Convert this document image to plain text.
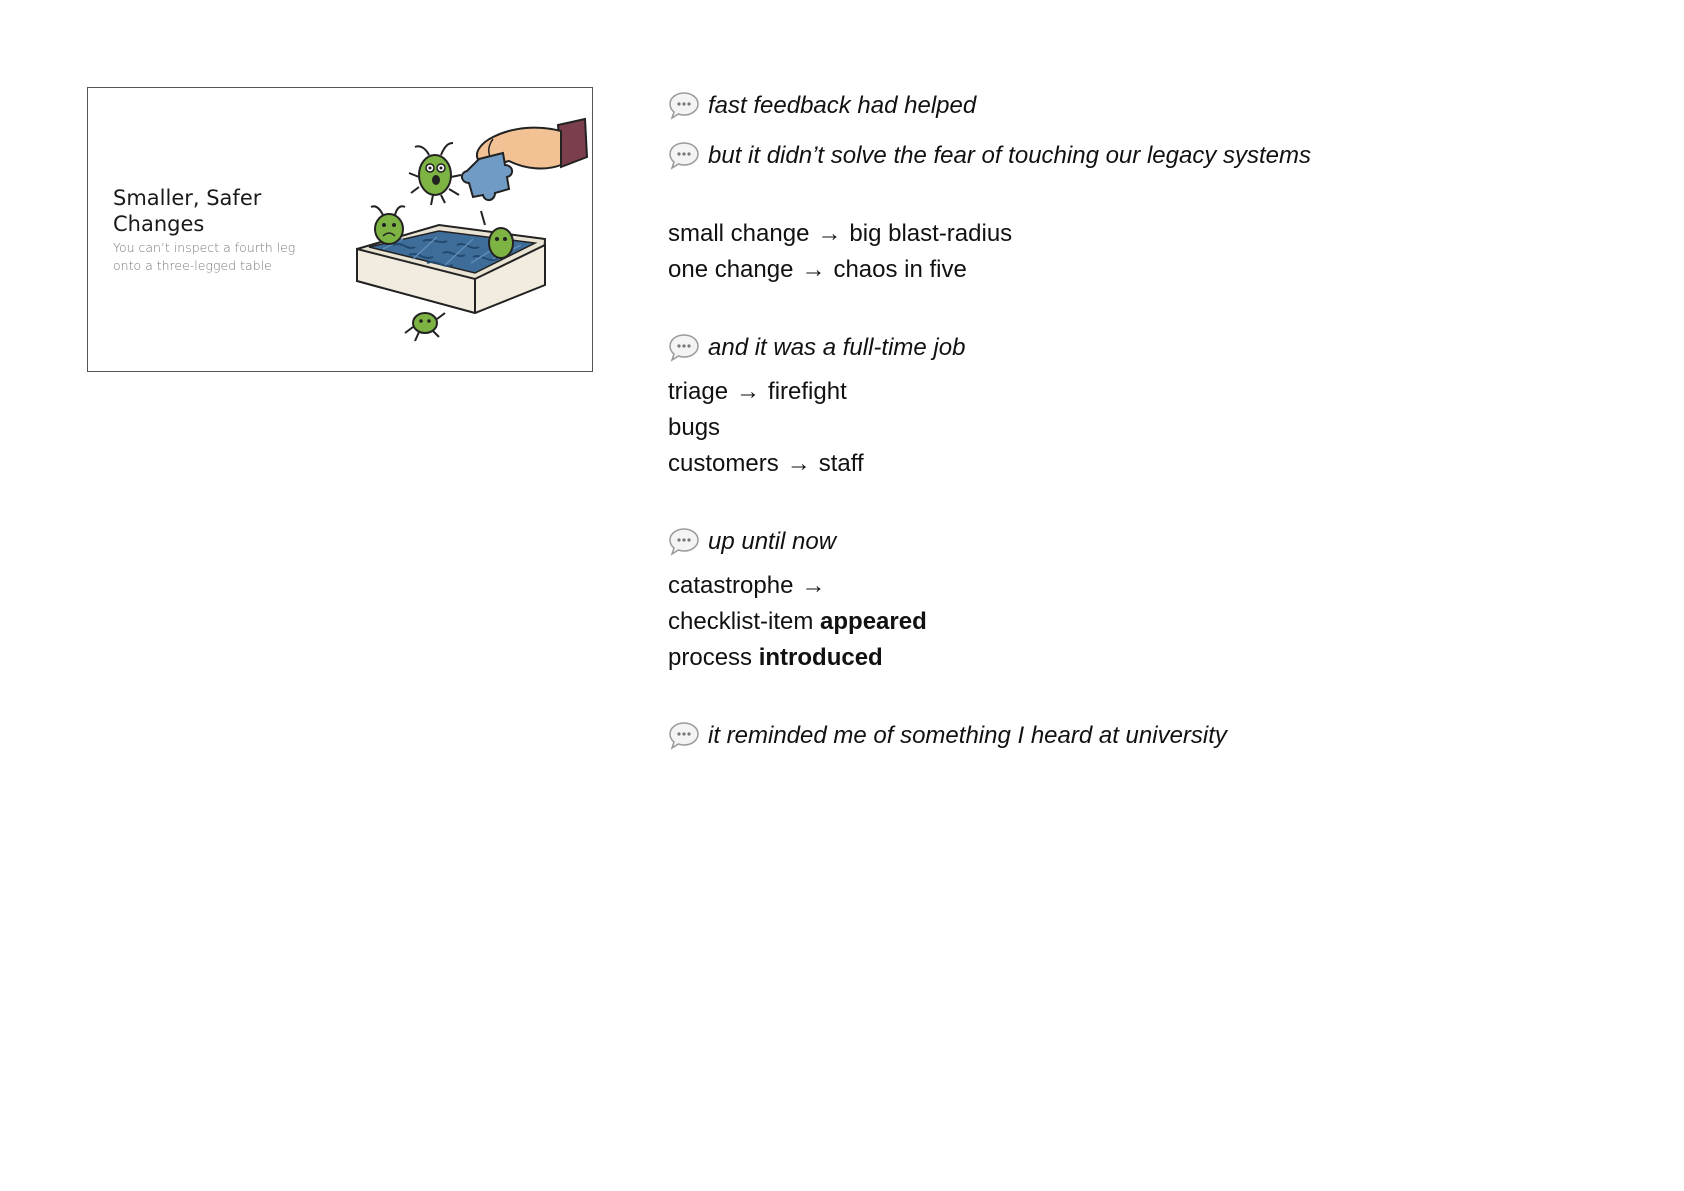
Smaller, Safer Changes
You can’t inspect a fourth leg onto a three-legged table
fast feedback had helped
but it didn’t solve the fear of touching our legacy systems
small change → big blast-radius
one change → chaos in five
and it was a full-time job
triage → firefight
bugs
customers → staff
up until now
catastrophe →
checklist-item appeared
process introduced
it reminded me of something I heard at university
